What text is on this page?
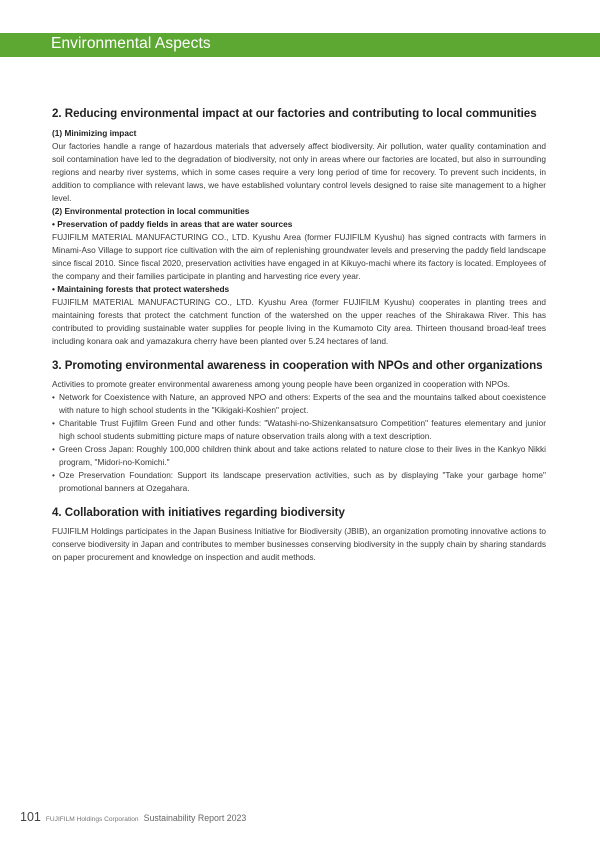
Environmental Aspects
2. Reducing environmental impact at our factories and contributing to local communities
(1) Minimizing impact

Our factories handle a range of hazardous materials that adversely affect biodiversity. Air pollution, water quality contamination and soil contamination have led to the degradation of biodiversity, not only in areas where our factories are located, but also in surrounding regions and nearby river systems, which in some cases require a very long period of time for recovery. To prevent such incidents, in addition to compliance with relevant laws, we have established voluntary control levels designed to raise site management to a higher level.

(2) Environmental protection in local communities
• Preservation of paddy fields in areas that are water sources

FUJIFILM MATERIAL MANUFACTURING CO., LTD. Kyushu Area (former FUJIFILM Kyushu) has signed contracts with farmers in Minami-Aso Village to support rice cultivation with the aim of replenishing groundwater levels and preserving the paddy field landscape since fiscal 2010. Since fiscal 2020, preservation activities have engaged in at Kikuyo-machi where its factory is located. Employees of the company and their families participate in planting and harvesting rice every year.

• Maintaining forests that protect watersheds

FUJIFILM MATERIAL MANUFACTURING CO., LTD. Kyushu Area (former FUJIFILM Kyushu) cooperates in planting trees and maintaining forests that protect the catchment function of the watershed on the upper reaches of the Shirakawa River. This has contributed to providing sustainable water supplies for people living in the Kumamoto City area. Thirteen thousand broad-leaf trees including konara oak and yamazakura cherry have been planted over 5.24 hectares of land.

3. Promoting environmental awareness in cooperation with NPOs and other organizations

Activities to promote greater environmental awareness among young people have been organized in cooperation with NPOs.

• Network for Coexistence with Nature, an approved NPO and others: Experts of the sea and the mountains talked about coexistence with nature to high school students in the "Kikigaki-Koshien" project.
• Charitable Trust Fujifilm Green Fund and other funds: "Watashi-no-Shizenkansatsuro Competition" features elementary and junior high school students submitting picture maps of nature observation trails along with a text description.
• Green Cross Japan: Roughly 100,000 children think about and take actions related to nature close to their lives in the Kankyo Nikki program, "Midori-no-Komichi."
• Oze Preservation Foundation: Support its landscape preservation activities, such as by displaying "Take your garbage home" promotional banners at Ozegahara.
4. Collaboration with initiatives regarding biodiversity

FUJIFILM Holdings participates in the Japan Business Initiative for Biodiversity (JBIB), an organization promoting innovative actions to conserve biodiversity in Japan and contributes to member businesses conserving biodiversity in the supply chain by sharing standards on paper procurement and knowledge on inspection and audit methods.

101 FUJIFILM Holdings Corporation Sustainability Report 2023
